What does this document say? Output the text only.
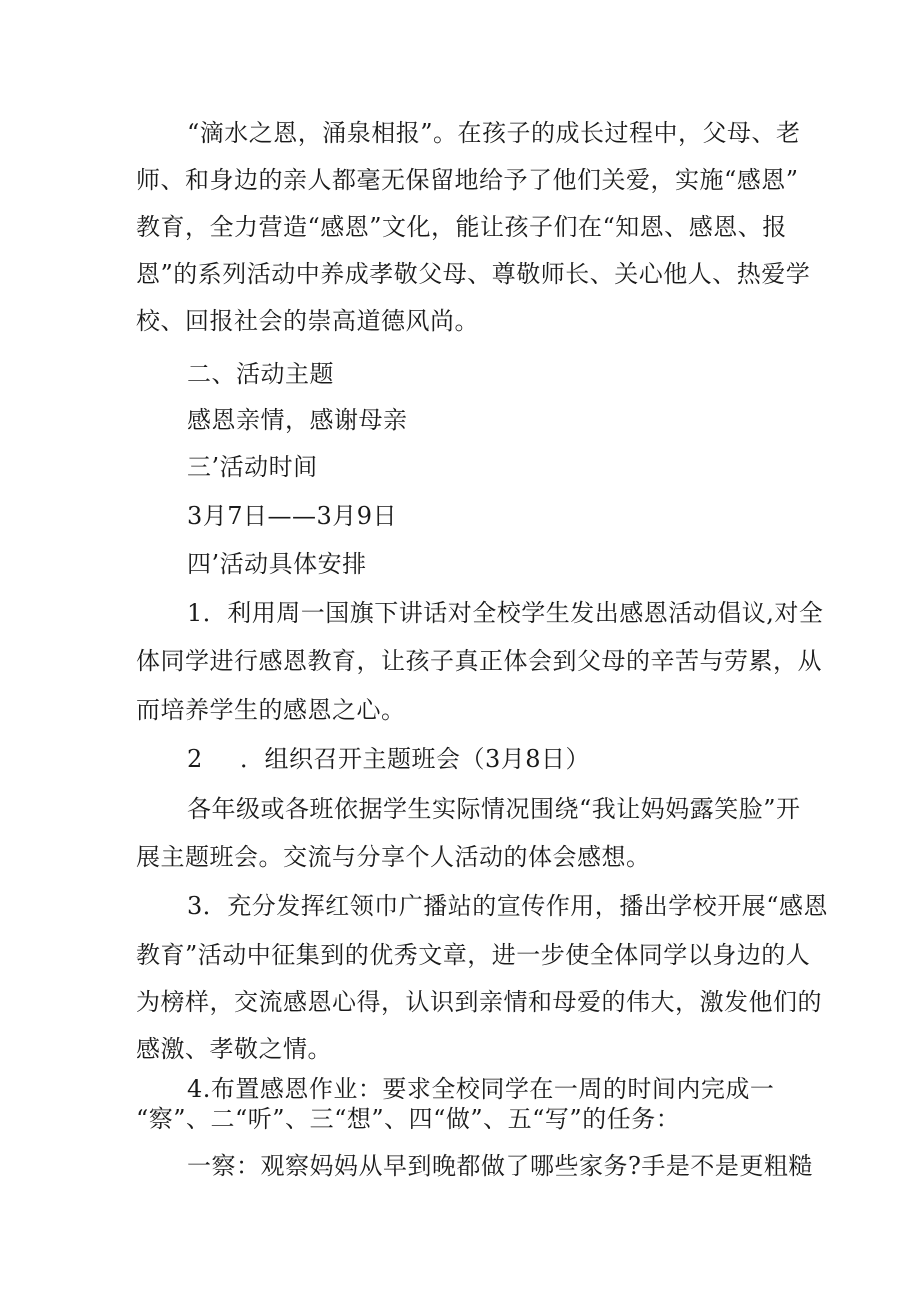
“滴水之恩，涌泉相报”。在孩子的成长过程中，父母、老
师、和身边的亲人都毫无保留地给予了他们关爱，实施“感恩”
教育，全力营造“感恩”文化，能让孩子们在“知恩、感恩、报
恩”的系列活动中养成孝敬父母、尊敬师长、关心他人、热爱学
校、回报社会的崇高道德风尚。
二、活动主题
感恩亲情，感谢母亲
三’活动时间
3月7日——3月9日
四’活动具体安排
1．利用周一国旗下讲话对全校学生发出感恩活动倡议,对全
体同学进行感恩教育，让孩子真正体会到父母的辛苦与劳累，从
而培养学生的感恩之心。
2 ．组织召开主题班会（3月8日）
各年级或各班依据学生实际情况围绕“我让妈妈露笑脸”开
展主题班会。交流与分享个人活动的体会感想。
3．充分发挥红领巾广播站的宣传作用，播出学校开展“感恩
教育”活动中征集到的优秀文章，进一步使全体同学以身边的人
为榜样，交流感恩心得，认识到亲情和母爱的伟大，激发他们的
感激、孝敬之情。
4.布置感恩作业：要求全校同学在一周的时间内完成一
“察”、二“听”、三“想”、四“做”、五“写”的任务：
一察：观察妈妈从早到晚都做了哪些家务?手是不是更粗糙
